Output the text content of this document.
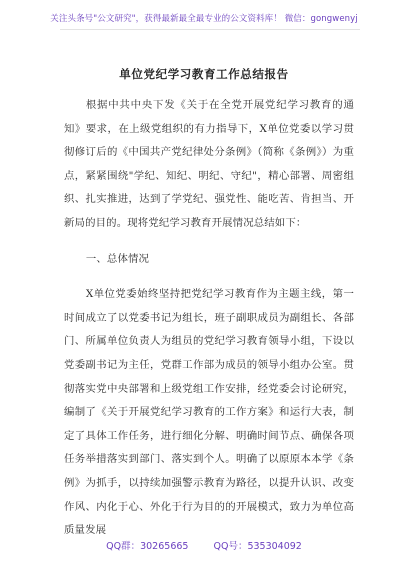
关注头条号"公文研究"，获得最新最全最专业的公文资料库！ 微信：gongwenyj
单位党纪学习教育工作总结报告

根据中共中央下发《关于在全党开展党纪学习教育的通知》要求，在上级党组织的有力指导下，X单位党委以学习贯彻修订后的《中国共产党纪律处分条例》（简称《条例》）为重点，紧紧围绕"学纪、知纪、明纪、守纪"，精心部署、周密组织、扎实推进，达到了学党纪、强党性、能吃苦、肯担当、开新局的目的。现将党纪学习教育开展情况总结如下：

一、总体情况

X单位党委始终坚持把党纪学习教育作为主题主线，第一时间成立了以党委书记为组长，班子副职成员为副组长、各部门、所属单位负责人为组员的党纪学习教育领导小组，下设以党委副书记为主任，党群工作部为成员的领导小组办公室。贯彻落实党中央部署和上级党组工作安排，经党委会讨论研究，编制了《关于开展党纪学习教育的工作方案》和运行大表，制定了具体工作任务，进行细化分解、明确时间节点、确保各项任务举措落实到部门、落实到个人。明确了以原原本本学《条例》为抓手，以持续加强警示教育为路径，以提升认识、改变作风、内化于心、外化于行为目的的开展模式，致力为单位高质量发展

QQ群：30265665	QQ号：535304092
